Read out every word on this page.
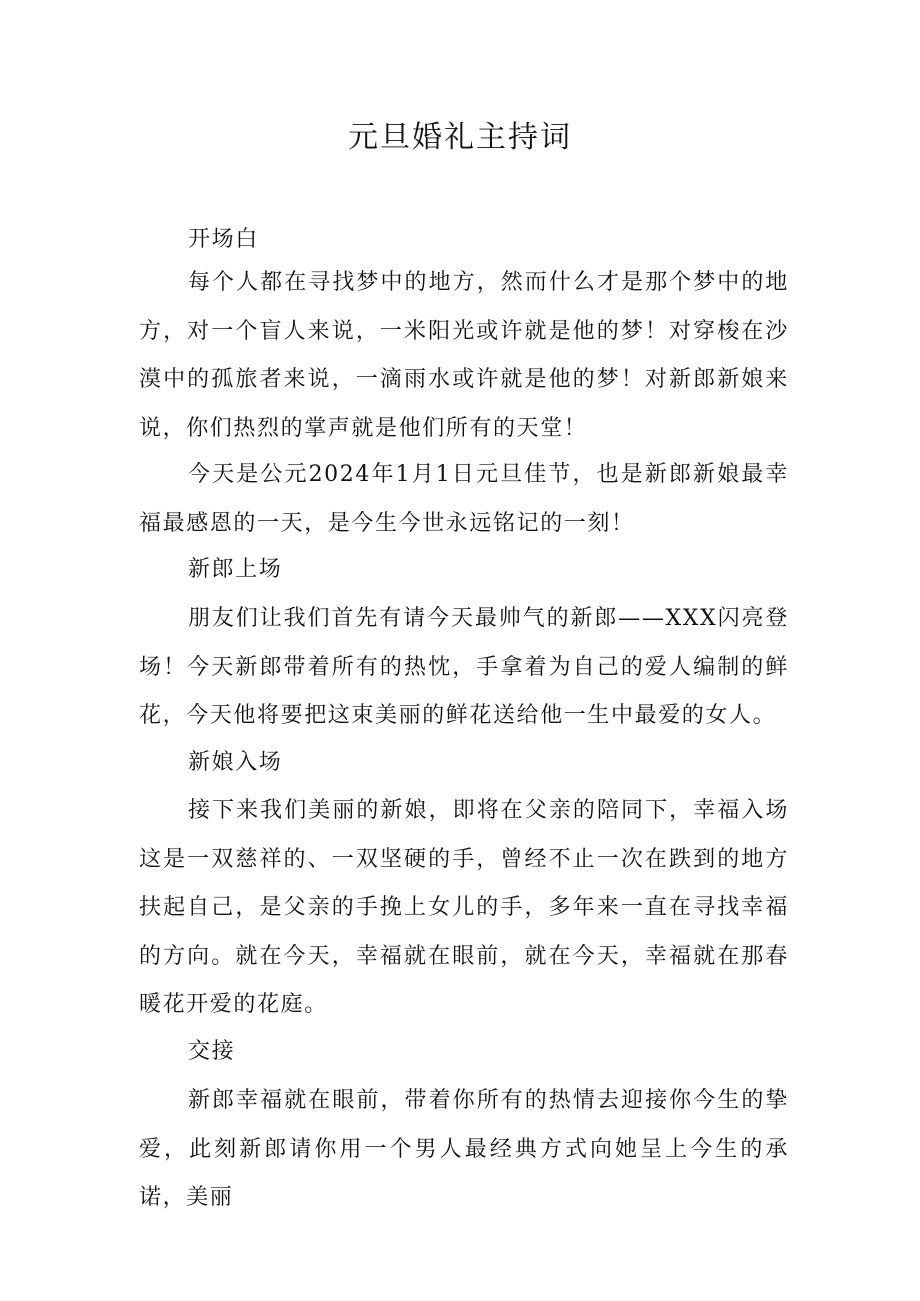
元旦婚礼主持词
开场白

每个人都在寻找梦中的地方，然而什么才是那个梦中的地方，对一个盲人来说，一米阳光或许就是他的梦！对穿梭在沙漠中的孤旅者来说，一滴雨水或许就是他的梦！对新郎新娘来说，你们热烈的掌声就是他们所有的天堂！

今天是公元2024年1月1日元旦佳节，也是新郎新娘最幸福最感恩的一天，是今生今世永远铭记的一刻！

新郎上场

朋友们让我们首先有请今天最帅气的新郎——XXX闪亮登场！今天新郎带着所有的热忱，手拿着为自己的爱人编制的鲜花，今天他将要把这束美丽的鲜花送给他一生中最爱的女人。

新娘入场

接下来我们美丽的新娘，即将在父亲的陪同下，幸福入场这是一双慈祥的、一双坚硬的手，曾经不止一次在跌到的地方扶起自己，是父亲的手挽上女儿的手，多年来一直在寻找幸福的方向。就在今天，幸福就在眼前，就在今天，幸福就在那春暖花开爱的花庭。

交接

新郎幸福就在眼前，带着你所有的热情去迎接你今生的挚爱，此刻新郎请你用一个男人最经典方式向她呈上今生的承诺，美丽
